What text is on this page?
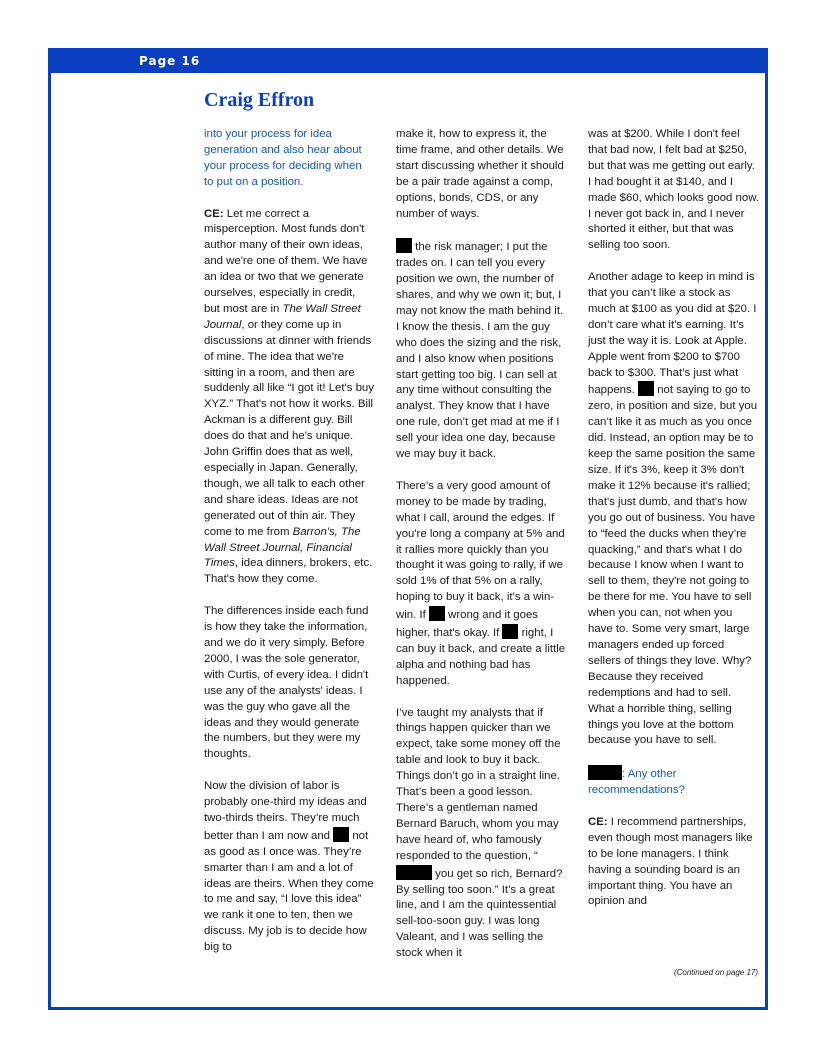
Page 16
Craig Effron

into your process for idea generation and also hear about your process for deciding when to put on a position.

CE: Let me correct a misperception. Most funds don't author many of their own ideas, and we're one of them. We have an idea or two that we generate ourselves, especially in credit, but most are in The Wall Street Journal, or they come up in discussions at dinner with friends of mine. The idea that we're sitting in a room, and then are suddenly all like “I got it! Let's buy XYZ.” That's not how it works. Bill Ackman is a different guy. Bill does do that and he's unique. John Griffin does that as well, especially in Japan. Generally, though, we all talk to each other and share ideas. Ideas are not generated out of thin air. They come to me from Barron's, The Wall Street Journal, Financial Times, idea dinners, brokers, etc. That's how they come.

The differences inside each fund is how they take the information, and we do it very simply. Before 2000, I was the sole generator, with Curtis, of every idea. I didn't use any of the analysts' ideas. I was the guy who gave all the ideas and they would generate the numbers, but they were my thoughts.

Now the division of labor is probably one-third my ideas and two-thirds theirs. They’re much better than I am now and  not as good as I once was. They’re smarter than I am and a lot of ideas are theirs. When they come to me and say, “I love this idea” we rank it one to ten, then we discuss. My job is to decide how big to

make it, how to express it, the time frame, and other details. We start discussing whether it should be a pair trade against a comp, options, bonds, CDS, or any number of ways.

the risk manager; I put the trades on. I can tell you every position we own, the number of shares, and why we own it; but, I may not know the math behind it. I know the thesis. I am the guy who does the sizing and the risk, and I also know when positions start getting too big. I can sell at any time without consulting the analyst. They know that I have one rule, don’t get mad at me if I sell your idea one day, because we may buy it back.

There’s a very good amount of money to be made by trading, what I call, around the edges. If you're long a company at 5% and it rallies more quickly than you thought it was going to rally, if we sold 1% of that 5% on a rally, hoping to buy it back, it’s a win-win. If  wrong and it goes higher, that's okay. If  right, I can buy it back, and create a little alpha and nothing bad has happened.

I’ve taught my analysts that if things happen quicker than we expect, take some money off the table and look to buy it back. Things don’t go in a straight line. That’s been a good lesson. There’s a gentleman named Bernard Baruch, whom you may have heard of, who famously responded to the question, “ you get so rich, Bernard? By selling too soon.” It’s a great line, and I am the quintessential sell-too-soon guy. I was long Valeant, and I was selling the stock when it

was at $200. While I don't feel that bad now, I felt bad at $250, but that was me getting out early. I had bought it at $140, and I made $60, which looks good now. I never got back in, and I never shorted it either, but that was selling too soon.

Another adage to keep in mind is that you can’t like a stock as much at $100 as you did at $20. I don’t care what it’s earning. It’s just the way it is. Look at Apple. Apple went from $200 to $700 back to $300. That’s just what happens.  not saying to go to zero, in position and size, but you can’t like it as much as you once did. Instead, an option may be to keep the same position the same size. If it's 3%, keep it 3% don't make it 12% because it's rallied; that's just dumb, and that's how you go out of business. You have to “feed the ducks when they’re quacking,” and that's what I do because I know when I want to sell to them, they're not going to be there for me. You have to sell when you can, not when you have to. Some very smart, large managers ended up forced sellers of things they love. Why? Because they received redemptions and had to sell. What a horrible thing, selling things you love at the bottom because you have to sell.

: Any other recommendations?

CE: I recommend partnerships, even though most managers like to be lone managers. I think having a sounding board is an important thing. You have an opinion and

(Continued on page 17)
